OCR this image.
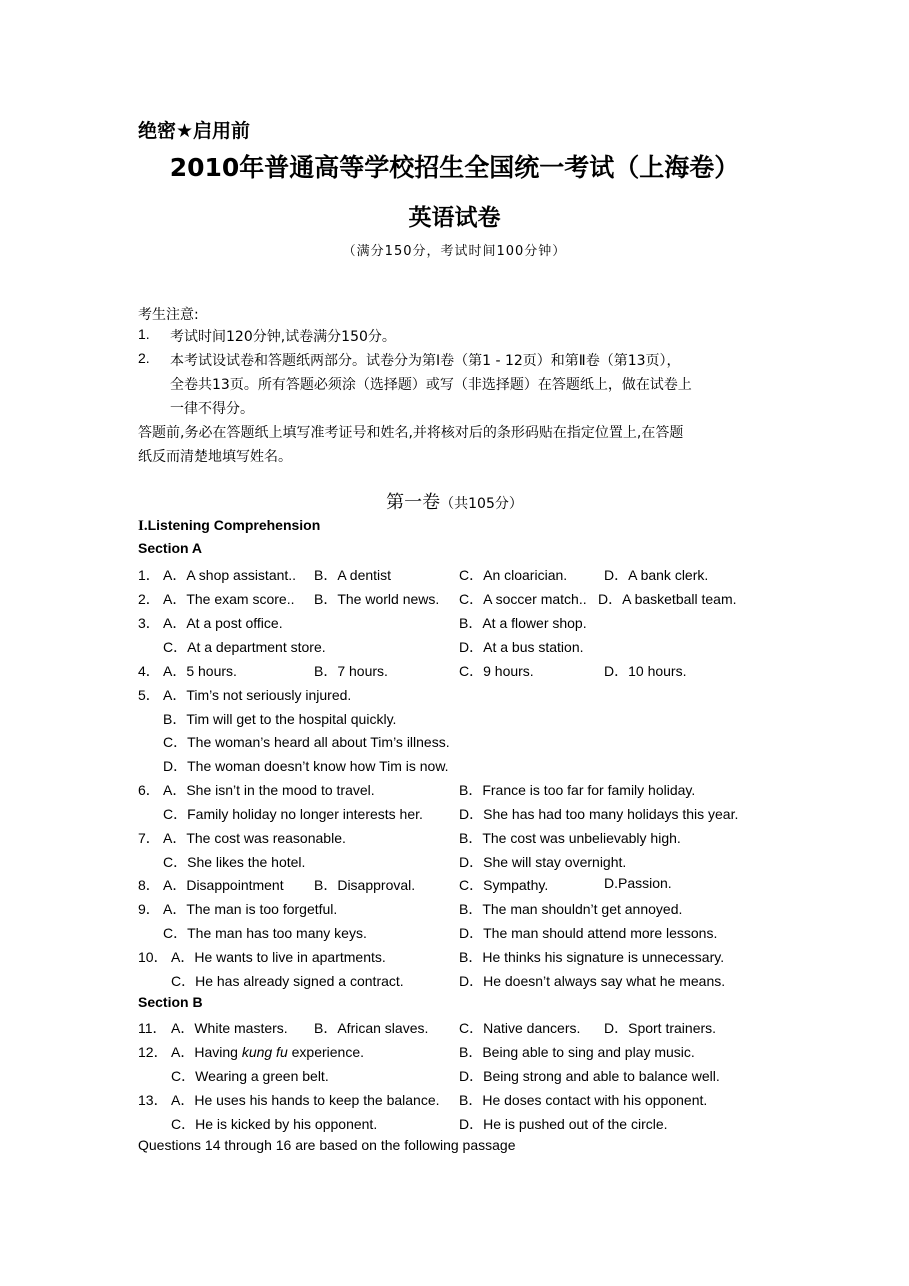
绝密★启用前
2010年普通高等学校招生全国统一考试（上海卷）
英语试卷
（满分150分，考试时间100分钟）
考生注意:
1. 考试时间120分钟,试卷满分150分。
2. 本考试设试卷和答题纸两部分。试卷分为第Ⅰ卷（第1 - 12页）和第Ⅱ卷（第13页），
全卷共13页。所有答题必须涂（选择题）或写（非选择题）在答题纸上，做在试卷上
一律不得分。
答题前,务必在答题纸上填写准考证号和姓名,并将核对后的条形码贴在指定位置上,在答题
纸反而清楚地填写姓名。
第一卷（共105分）
I.Listening Comprehension
Section A
1． A．A shop assistant.. B．A dentist	C．An cloarician.	D．A bank clerk.
2． A．The exam score.. B．The world news. C．A soccer match.. D．A basketball team.
3． A．At a post office.	B．At a flower shop.
C．At a department store.	D．At a bus station.
4． A．5 hours.	B．7 hours.	C．9 hours.	D．10 hours.
5． A．Tim’s not seriously injured.
B．Tim will get to the hospital quickly.
C．The woman’s heard all about Tim’s illness.
D．The woman doesn’t know how Tim is now.
6． A．She isn’t in the mood to travel.	B．France is too far for family holiday.
C．Family holiday no longer interests her.	D．She has had too many holidays this year.
7． A．The cost was reasonable.	B．The cost was unbelievably high.
C．She likes the hotel.	D．She will stay overnight.
8． A．Disappointment B．Disapproval.	C．Sympathy.	D.Passion.
9． A．The man is too forgetful.	B．The man shouldn’t get annoyed.
C．The man has too many keys.	D．The man should attend more lessons.
10． A．He wants to live in apartments.	B．He thinks his signature is unnecessary.
C．He has already signed a contract.	D．He doesn’t always say what he means.
Section B
11． A．White masters. B．African slaves. C．Native dancers. D．Sport trainers.
12． A．Having kung fu experience.	B．Being able to sing and play music.
C．Wearing a green belt.	D．Being strong and able to balance well.
13． A．He uses his hands to keep the balance. B．He doses contact with his opponent.
C．He is kicked by his opponent.	D．He is pushed out of the circle.
Questions 14 through 16 are based on the following passage
